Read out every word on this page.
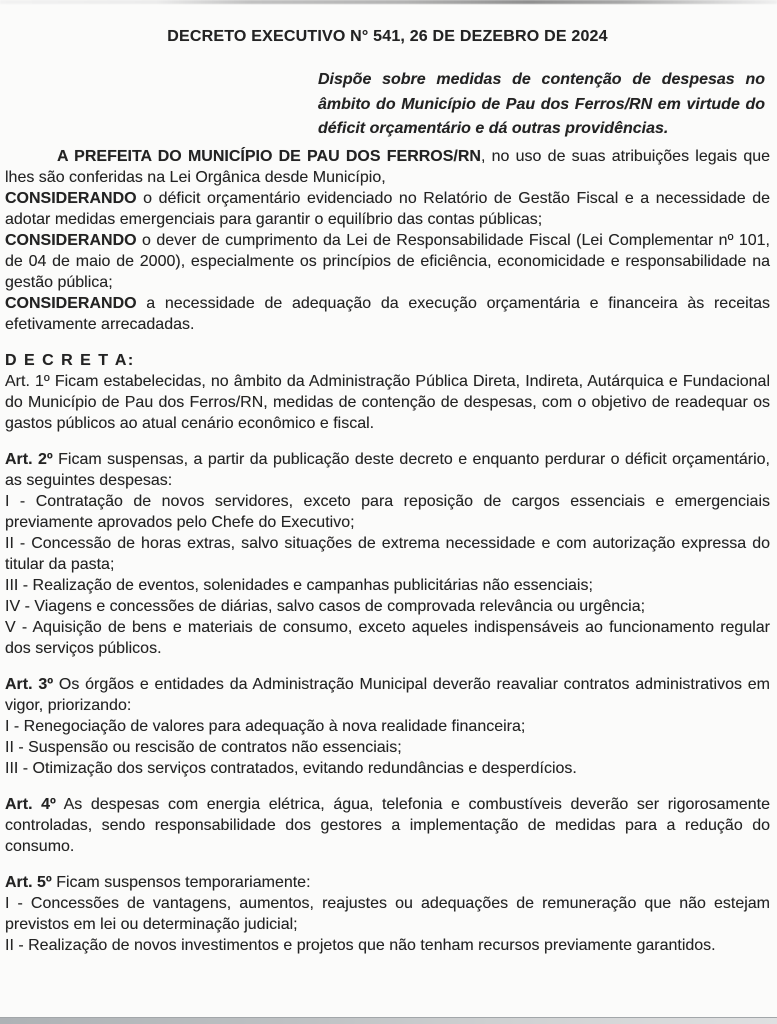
DECRETO EXECUTIVO N° 541, 26 DE DEZEBRO DE 2024

Dispõe sobre medidas de contenção de despesas no âmbito do Município de Pau dos Ferros/RN em virtude do déficit orçamentário e dá outras providências.

A PREFEITA DO MUNICÍPIO DE PAU DOS FERROS/RN, no uso de suas atribuições legais que lhes são conferidas na Lei Orgânica desde Município,

CONSIDERANDO o déficit orçamentário evidenciado no Relatório de Gestão Fiscal e a necessidade de adotar medidas emergenciais para garantir o equilíbrio das contas públicas;

CONSIDERANDO o dever de cumprimento da Lei de Responsabilidade Fiscal (Lei Complementar nº 101, de 04 de maio de 2000), especialmente os princípios de eficiência, economicidade e responsabilidade na gestão pública;

CONSIDERANDO a necessidade de adequação da execução orçamentária e financeira às receitas efetivamente arrecadadas.

D E C R E T A:

Art. 1º Ficam estabelecidas, no âmbito da Administração Pública Direta, Indireta, Autárquica e Fundacional do Município de Pau dos Ferros/RN, medidas de contenção de despesas, com o objetivo de readequar os gastos públicos ao atual cenário econômico e fiscal.

Art. 2º Ficam suspensas, a partir da publicação deste decreto e enquanto perdurar o déficit orçamentário, as seguintes despesas:

I - Contratação de novos servidores, exceto para reposição de cargos essenciais e emergenciais previamente aprovados pelo Chefe do Executivo;

II - Concessão de horas extras, salvo situações de extrema necessidade e com autorização expressa do titular da pasta;

III - Realização de eventos, solenidades e campanhas publicitárias não essenciais;

IV - Viagens e concessões de diárias, salvo casos de comprovada relevância ou urgência;

V - Aquisição de bens e materiais de consumo, exceto aqueles indispensáveis ao funcionamento regular dos serviços públicos.

Art. 3º Os órgãos e entidades da Administração Municipal deverão reavaliar contratos administrativos em vigor, priorizando:

I - Renegociação de valores para adequação à nova realidade financeira;

II - Suspensão ou rescisão de contratos não essenciais;

III - Otimização dos serviços contratados, evitando redundâncias e desperdícios.

Art. 4º As despesas com energia elétrica, água, telefonia e combustíveis deverão ser rigorosamente controladas, sendo responsabilidade dos gestores a implementação de medidas para a redução do consumo.

Art. 5º Ficam suspensos temporariamente:

I - Concessões de vantagens, aumentos, reajustes ou adequações de remuneração que não estejam previstos em lei ou determinação judicial;

II - Realização de novos investimentos e projetos que não tenham recursos previamente garantidos.
